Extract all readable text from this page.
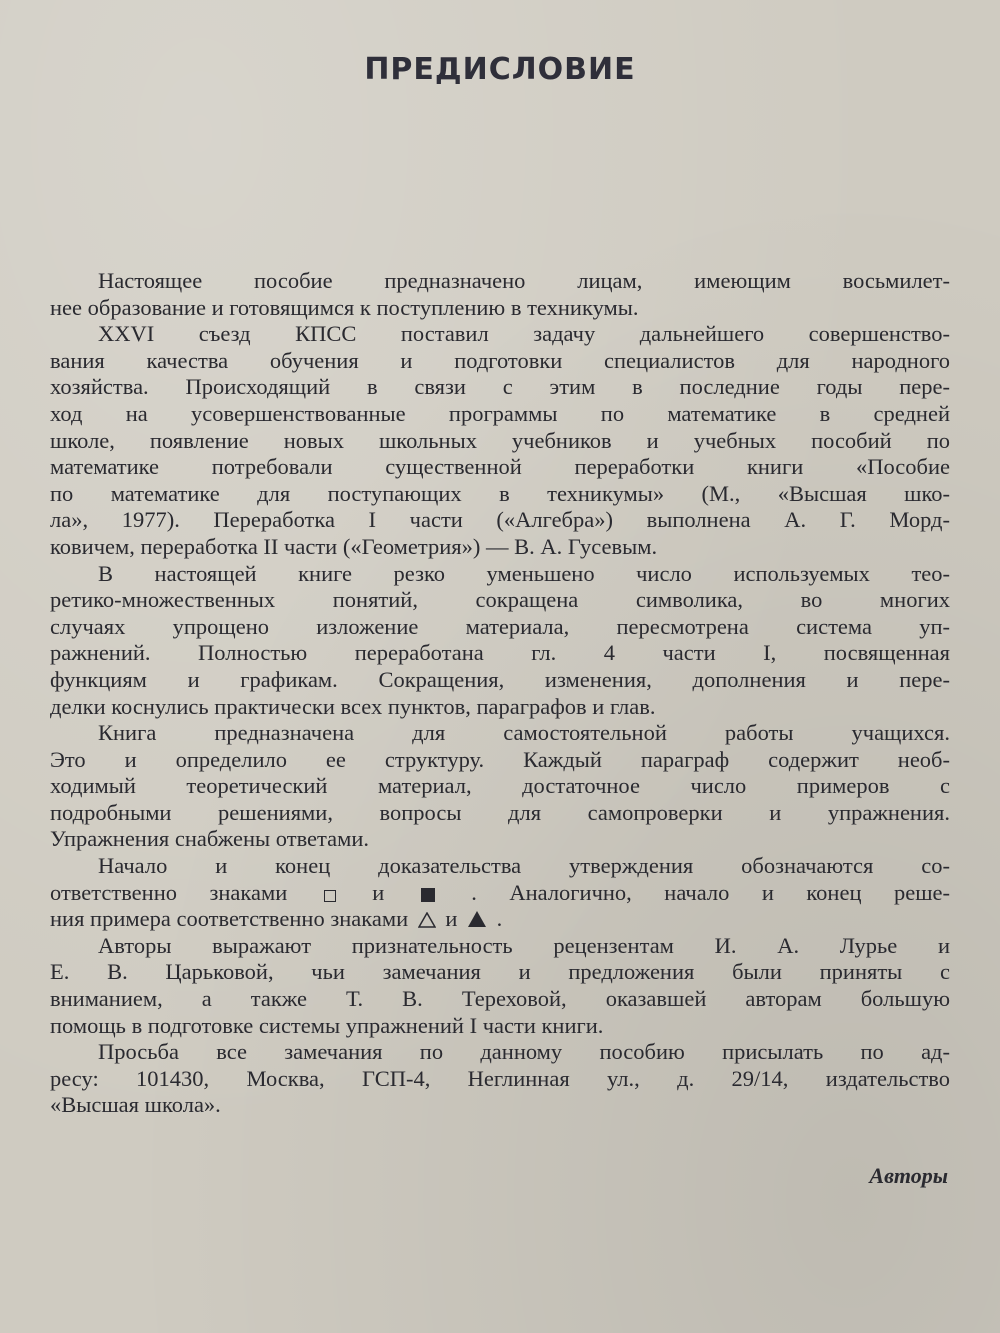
ПРЕДИСЛОВИЕ

Настоящее пособие предназначено лицам, имеющим восьмилет-
нее образование и готовящимся к поступлению в техникумы.

XXVI съезд КПСС поставил задачу дальнейшего совершенство-
вания качества обучения и подготовки специалистов для народного
хозяйства. Происходящий в связи с этим в последние годы пере-
ход на усовершенствованные программы по математике в средней
школе, появление новых школьных учебников и учебных пособий по
математике потребовали существенной переработки книги «Пособие
по математике для поступающих в техникумы» (М., «Высшая шко-
ла», 1977). Переработка I части («Алгебра») выполнена А. Г. Морд-
ковичем, переработка II части («Геометрия») — В. А. Гусевым.

В настоящей книге резко уменьшено число используемых тео-
ретико-множественных понятий, сокращена символика, во многих
случаях упрощено изложение материала, пересмотрена система уп-
ражнений. Полностью переработана гл. 4 части I, посвященная
функциям и графикам. Сокращения, изменения, дополнения и пере-
делки коснулись практически всех пунктов, параграфов и глав.

Книга предназначена для самостоятельной работы учащихся.
Это и определило ее структуру. Каждый параграф содержит необ-
ходимый теоретический материал, достаточное число примеров с
подробными решениями, вопросы для самопроверки и упражнения.
Упражнения снабжены ответами.

Начало и конец доказательства утверждения обозначаются со-
ответственно знаками	и	. Аналогично, начало и конец реше-
ния примера соответственно знаками и .

Авторы выражают признательность рецензентам И. А. Лурье и
Е. В. Царьковой, чьи замечания и предложения были приняты с
вниманием, а также Т. В. Тереховой, оказавшей авторам большую
помощь в подготовке системы упражнений I части книги.

Просьба все замечания по данному пособию присылать по ад-
ресу: 101430, Москва, ГСП-4, Неглинная ул., д. 29/14, издательство
«Высшая школа».

Авторы
